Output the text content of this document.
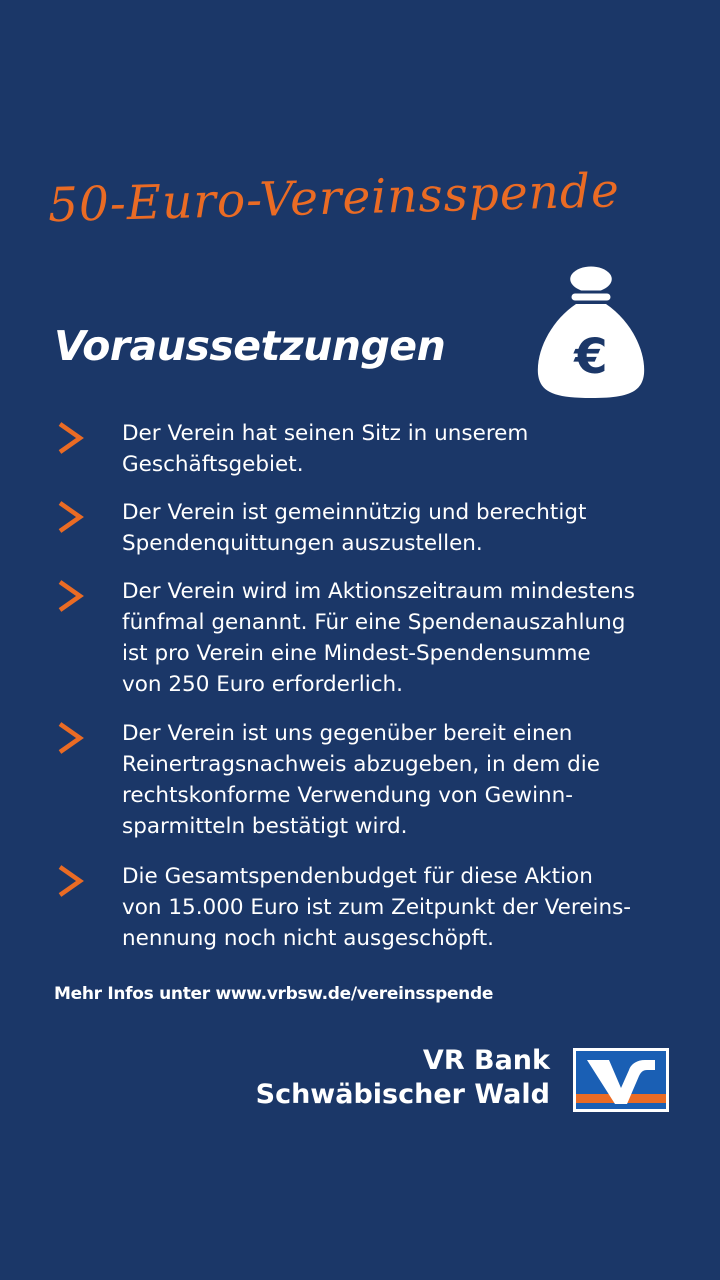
50-Euro-Vereinsspende
€
Voraussetzungen
Der Verein hat seinen Sitz in unserem
Geschäftsgebiet.
Der Verein ist gemeinnützig und berechtigt
Spendenquittungen auszustellen.
Der Verein wird im Aktionszeitraum mindestens
fünfmal genannt. Für eine Spendenauszahlung
ist pro Verein eine Mindest-Spendensumme
von 250 Euro erforderlich.
Der Verein ist uns gegenüber bereit einen
Reinertragsnachweis abzugeben, in dem die
rechtskonforme Verwendung von Gewinn-
sparmitteln bestätigt wird.
Die Gesamtspendenbudget für diese Aktion
von 15.000 Euro ist zum Zeitpunkt der Vereins-
nennung noch nicht ausgeschöpft.
Mehr Infos unter www.vrbsw.de/vereinsspende
VR Bank
Schwäbischer Wald
